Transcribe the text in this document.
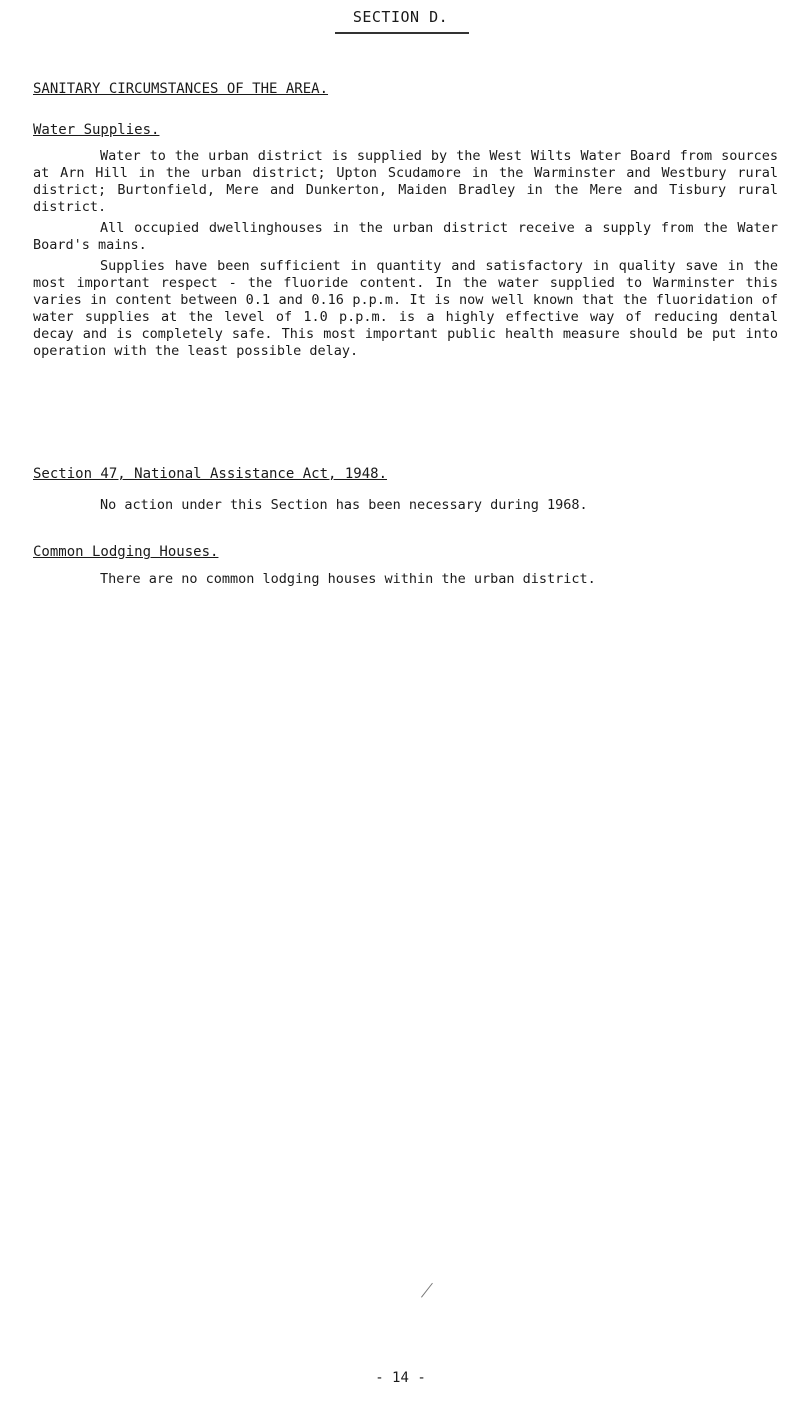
SECTION D.
SANITARY CIRCUMSTANCES OF THE AREA.
Water Supplies.

Water to the urban district is supplied by the West Wilts Water Board from sources at Arn Hill in the urban district; Upton Scudamore in the Warminster and Westbury rural district; Burtonfield, Mere and Dunkerton, Maiden Bradley in the Mere and Tisbury rural district.

All occupied dwellinghouses in the urban district receive a supply from the Water Board's mains.

Supplies have been sufficient in quantity and satisfactory in quality save in the most important respect - the fluoride content. In the water supplied to Warminster this varies in content between 0.1 and 0.16 p.p.m. It is now well known that the fluoridation of water supplies at the level of 1.0 p.p.m. is a highly effective way of reducing dental decay and is completely safe. This most important public health measure should be put into operation with the least possible delay.

Section 47, National Assistance Act, 1948.
No action under this Section has been necessary during 1968.
Common Lodging Houses.
There are no common lodging houses within the urban district.
- 14 -
